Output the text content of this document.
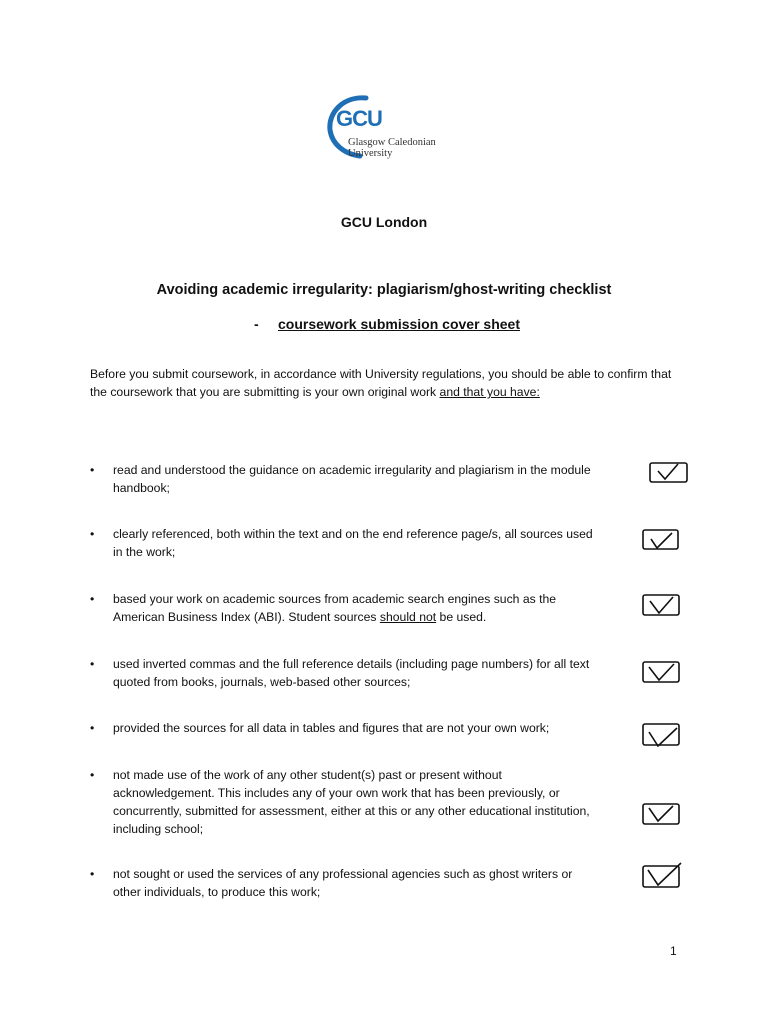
GCU
Glasgow Caledonian
University
GCU London
Avoiding academic irregularity: plagiarism/ghost-writing checklist
- coursework submission cover sheet
Before you submit coursework, in accordance with University regulations, you should be able to confirm that the coursework that you are submitting is your own original work and that you have:
•	read and understood the guidance on academic irregularity and plagiarism in the module handbook;
•	clearly referenced, both within the text and on the end reference page/s, all sources used in the work;
•	based your work on academic sources from academic search engines such as the American Business Index (ABI). Student sources should not be used.
•	used inverted commas and the full reference details (including page numbers) for all text quoted from books, journals, web-based other sources;
•	provided the sources for all data in tables and figures that are not your own work;
•	not made use of the work of any other student(s) past or present without acknowledgement. This includes any of your own work that has been previously, or concurrently, submitted for assessment, either at this or any other educational institution, including school;
•	not sought or used the services of any professional agencies such as ghost writers or other individuals, to produce this work;
1
